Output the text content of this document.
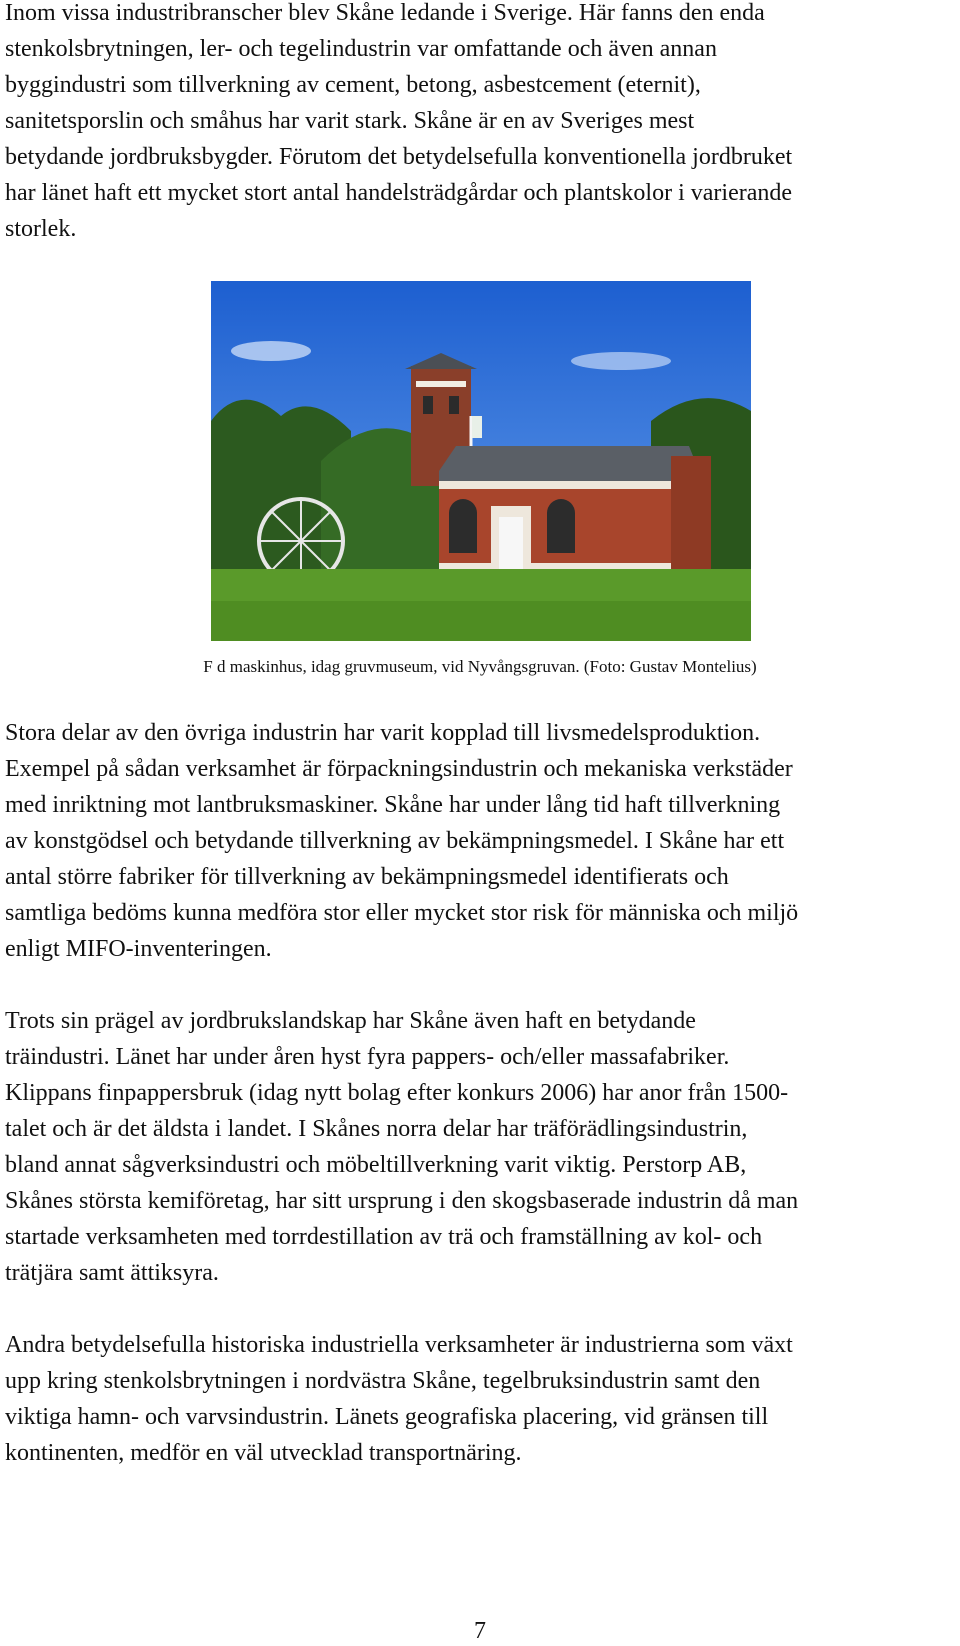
Inom vissa industribranscher blev Skåne ledande i Sverige. Här fanns den enda
stenkolsbrytningen, ler- och tegelindustrin var omfattande och även annan
byggindustri som tillverkning av cement, betong, asbestcement (eternit),
sanitetsporslin och småhus har varit stark. Skåne är en av Sveriges mest
betydande jordbruksbygder. Förutom det betydelsefulla konventionella jordbruket
har länet haft ett mycket stort antal handelsträdgårdar och plantskolor i varierande
storlek.
F d maskinhus, idag gruvmuseum, vid Nyvångsgruvan. (Foto: Gustav Montelius)
Stora delar av den övriga industrin har varit kopplad till livsmedelsproduktion.
Exempel på sådan verksamhet är förpackningsindustrin och mekaniska verkstäder
med inriktning mot lantbruksmaskiner. Skåne har under lång tid haft tillverkning
av konstgödsel och betydande tillverkning av bekämpningsmedel. I Skåne har ett
antal större fabriker för tillverkning av bekämpningsmedel identifierats och
samtliga bedöms kunna medföra stor eller mycket stor risk för människa och miljö
enligt MIFO-inventeringen.
Trots sin prägel av jordbrukslandskap har Skåne även haft en betydande
träindustri. Länet har under åren hyst fyra pappers- och/eller massafabriker.
Klippans finpappersbruk (idag nytt bolag efter konkurs 2006) har anor från 1500-
talet och är det äldsta i landet. I Skånes norra delar har träförädlingsindustrin,
bland annat sågverksindustri och möbeltillverkning varit viktig. Perstorp AB,
Skånes största kemiföretag, har sitt ursprung i den skogsbaserade industrin då man
startade verksamheten med torrdestillation av trä och framställning av kol- och
trätjära samt ättiksyra.
Andra betydelsefulla historiska industriella verksamheter är industrierna som växt
upp kring stenkolsbrytningen i nordvästra Skåne, tegelbruksindustrin samt den
viktiga hamn- och varvsindustrin. Länets geografiska placering, vid gränsen till
kontinenten, medför en väl utvecklad transportnäring.
7
